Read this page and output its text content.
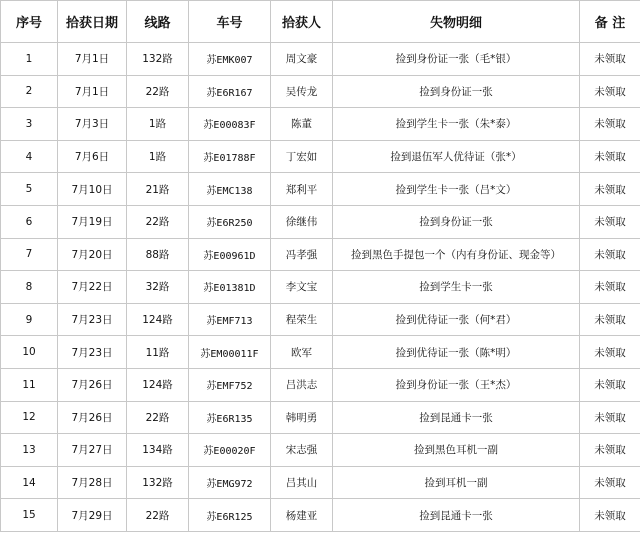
序号	拾获日期	线路	车号	拾获人	失物明细	备 注
1	7月1日	132路	苏EMK007	周文豪	捡到身份证一张（毛*银）	未领取
2	7月1日	22路	苏E6R167	吴传龙	捡到身份证一张	未领取
3	7月3日	1路	苏E00083F	陈董	捡到学生卡一张（朱*泰）	未领取
4	7月6日	1路	苏E01788F	丁宏如	捡到退伍军人优待证（张*）	未领取
5	7月10日	21路	苏EMC138	郑利平	捡到学生卡一张（吕*文）	未领取
6	7月19日	22路	苏E6R250	徐继伟	捡到身份证一张	未领取
7	7月20日	88路	苏E00961D	冯孝强	捡到黑色手提包一个（内有身份证、现金等）	未领取
8	7月22日	32路	苏E01381D	李文宝	捡到学生卡一张	未领取
9	7月23日	124路	苏EMF713	程荣生	捡到优待证一张（何*君）	未领取
10	7月23日	11路	苏EM00011F	欧军	捡到优待证一张（陈*明）	未领取
11	7月26日	124路	苏EMF752	吕洪志	捡到身份证一张（王*杰）	未领取
12	7月26日	22路	苏E6R135	韩明勇	捡到昆通卡一张	未领取
13	7月27日	134路	苏E00020F	宋志强	捡到黑色耳机一副	未领取
14	7月28日	132路	苏EMG972	吕其山	捡到耳机一副	未领取
15	7月29日	22路	苏E6R125	杨建亚	捡到昆通卡一张	未领取
